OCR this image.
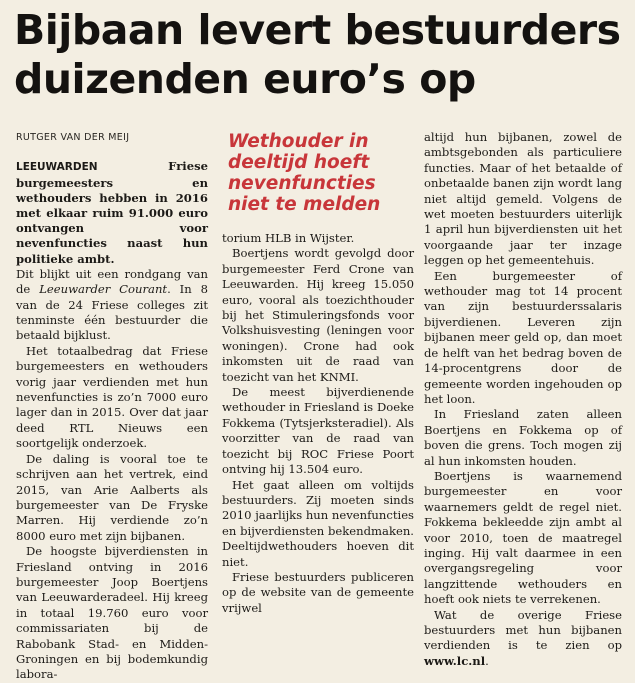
Bijbaan levert bestuurders
duizenden euro’s op
RUTGER VAN DER MEIJ

LEEUWARDEN Friese burgemeesters en wethouders hebben in 2016 met elkaar ruim 91.000 euro ontvangen voor nevenfuncties naast hun politieke ambt.

Dit blijkt uit een rondgang van de Leeuwarder Courant. In 8 van de 24 Friese colleges zit tenminste één bestuurder die betaald bijklust.

Het totaalbedrag dat Friese burgemeesters en wethouders vorig jaar verdienden met hun nevenfuncties is zo’n 7000 euro lager dan in 2015. Over dat jaar deed RTL Nieuws een soortgelijk onderzoek.

De daling is vooral toe te schrijven aan het vertrek, eind 2015, van Arie Aalberts als burgemeester van De Fryske Marren. Hij verdiende zo’n 8000 euro met zijn bijbanen.

De hoogste bijverdiensten in Friesland ontving in 2016 burgemeester Joop Boertjens van Leeuwarderadeel. Hij kreeg in totaal 19.760 euro voor commissariaten bij de Rabobank Stad- en Midden-Groningen en bij bodemkundig labora-

Wethouder in deeltijd hoeft nevenfuncties niet te melden

torium HLB in Wijster.

Boertjens wordt gevolgd door burgemeester Ferd Crone van Leeuwarden. Hij kreeg 15.050 euro, vooral als toezichthouder bij het Stimuleringsfonds voor Volkshuisvesting (leningen voor woningen). Crone had ook inkomsten uit de raad van toezicht van het KNMI.

De meest bijverdienende wethouder in Friesland is Doeke Fokkema (Tytsjerksteradiel). Als voorzitter van de raad van toezicht bij ROC Friese Poort ontving hij 13.504 euro.

Het gaat alleen om voltijds bestuurders. Zij moeten sinds 2010 jaarlijks hun nevenfuncties en bijverdiensten bekendmaken. Deeltijdwethouders hoeven dit niet.

Friese bestuurders publiceren op de website van de gemeente vrijwel

altijd hun bijbanen, zowel de ambtsgebonden als particuliere functies. Maar of het betaalde of onbetaalde banen zijn wordt lang niet altijd gemeld. Volgens de wet moeten bestuurders uiterlijk 1 april hun bijverdiensten uit het voorgaande jaar ter inzage leggen op het gemeentehuis.

Een burgemeester of wethouder mag tot 14 procent van zijn bestuurderssalaris bijverdienen. Leveren zijn bijbanen meer geld op, dan moet de helft van het bedrag boven de 14-procentgrens door de gemeente worden ingehouden op het loon.

In Friesland zaten alleen Boertjens en Fokkema op of boven die grens. Toch mogen zij al hun inkomsten houden.

Boertjens is waarnemend burgemeester en voor waarnemers geldt de regel niet. Fokkema bekleedde zijn ambt al voor 2010, toen de maatregel inging. Hij valt daarmee in een overgangsregeling voor langzittende wethouders en hoeft ook niets te verrekenen.

Wat de overige Friese bestuurders met hun bijbanen verdienden is te zien op www.lc.nl.
